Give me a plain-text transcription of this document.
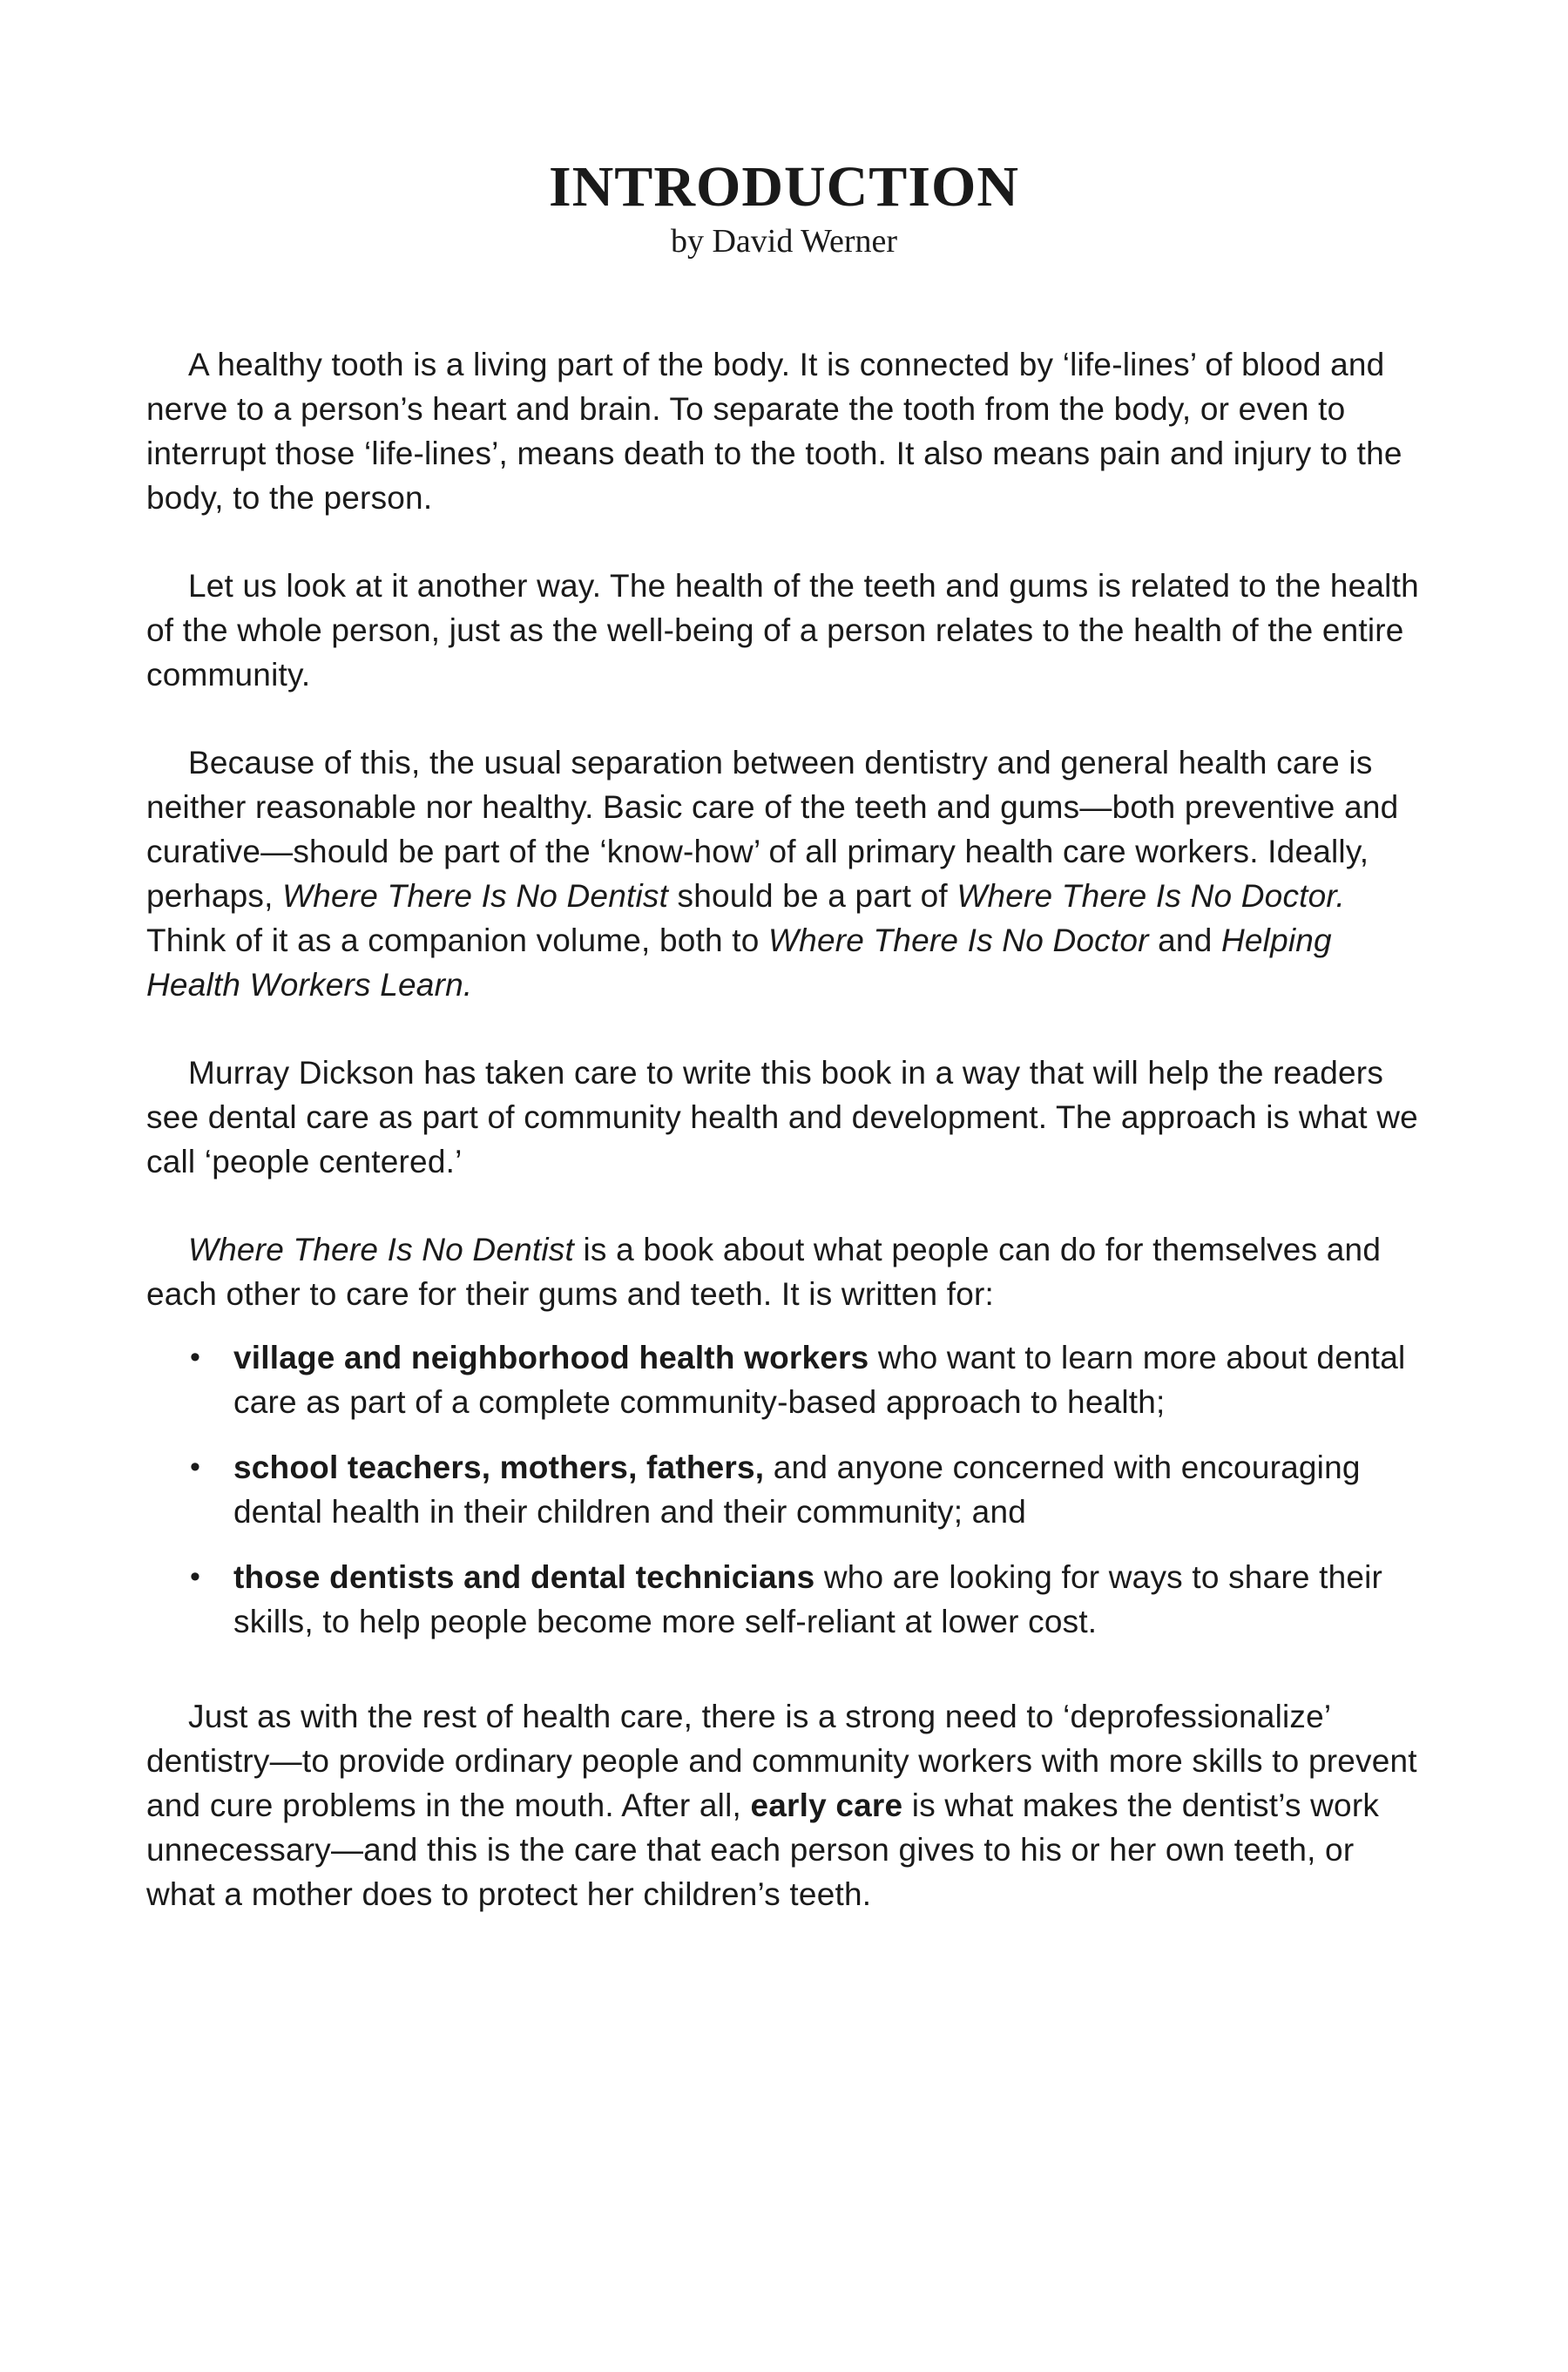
INTRODUCTION
by David Werner

A healthy tooth is a living part of the body. It is connected by ‘life-lines’ of blood and nerve to a person’s heart and brain. To separate the tooth from the body, or even to interrupt those ‘life-lines’, means death to the tooth. It also means pain and injury to the body, to the person.

Let us look at it another way. The health of the teeth and gums is related to the health of the whole person, just as the well-being of a person relates to the health of the entire community.

Because of this, the usual separation between dentistry and general health care is neither reasonable nor healthy. Basic care of the teeth and gums—both preventive and curative—should be part of the ‘know-how’ of all primary health care workers. Ideally, perhaps, Where There Is No Dentist should be a part of Where There Is No Doctor. Think of it as a companion volume, both to Where There Is No Doctor and Helping Health Workers Learn.

Murray Dickson has taken care to write this book in a way that will help the readers see dental care as part of community health and development. The approach is what we call ‘people centered.’

Where There Is No Dentist is a book about what people can do for themselves and each other to care for their gums and teeth. It is written for:

•	village and neighborhood health workers who want to learn more about dental care as part of a complete community-based approach to health;
•	school teachers, mothers, fathers, and anyone concerned with encouraging dental health in their children and their community; and
•	those dentists and dental technicians who are looking for ways to share their skills, to help people become more self-reliant at lower cost.

Just as with the rest of health care, there is a strong need to ‘deprofessionalize’ dentistry—to provide ordinary people and community workers with more skills to prevent and cure problems in the mouth. After all, early care is what makes the dentist’s work unnecessary—and this is the care that each person gives to his or her own teeth, or what a mother does to protect her children’s teeth.
